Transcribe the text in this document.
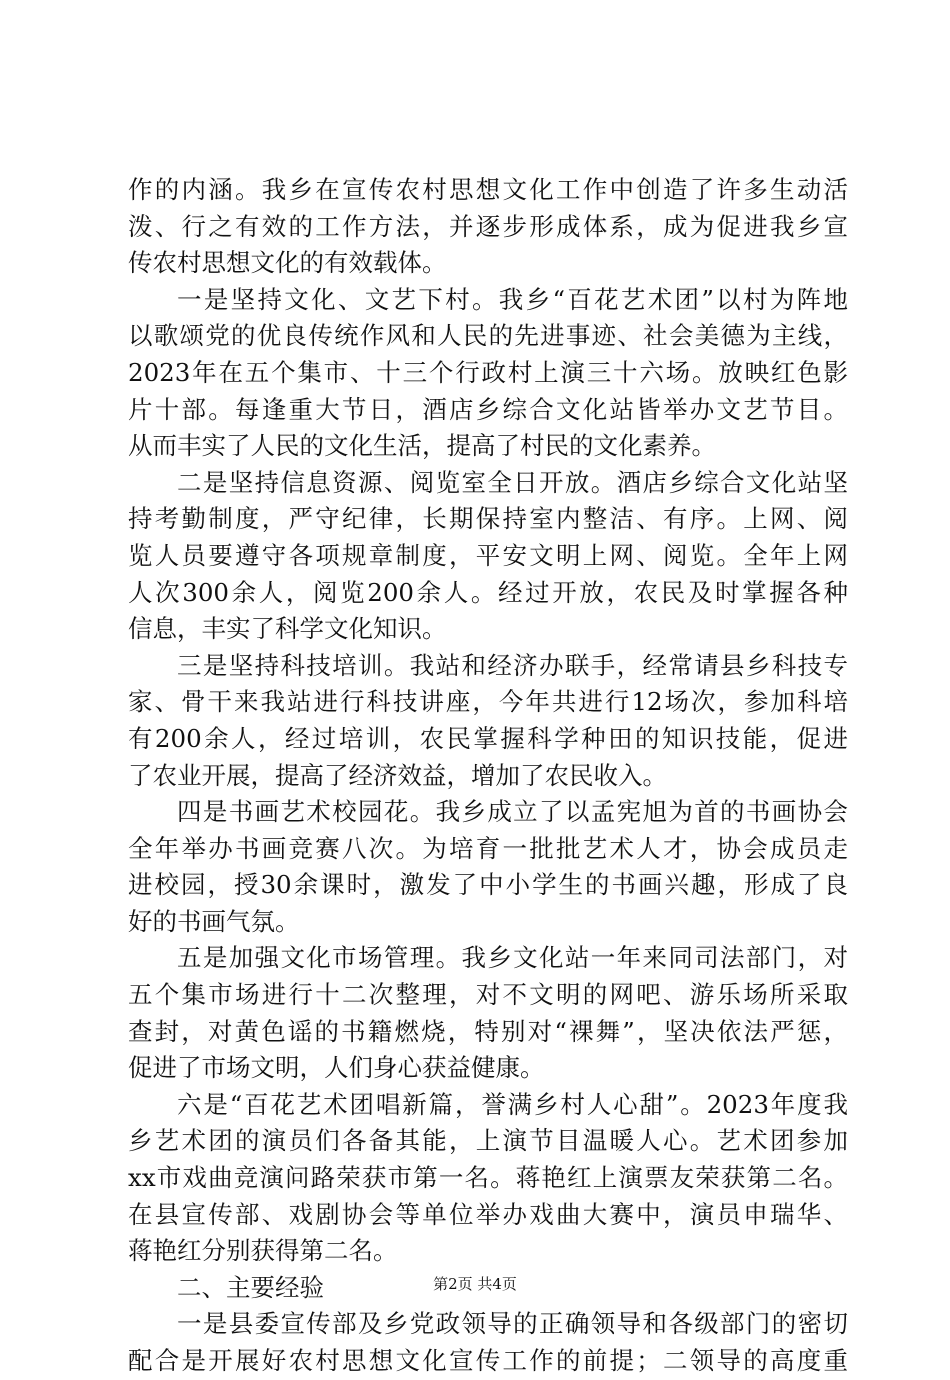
作的内涵。我乡在宣传农村思想文化工作中创造了许多生动活
泼、行之有效的工作方法，并逐步形成体系，成为促进我乡宣
传农村思想文化的有效载体。
一是坚持文化、文艺下村。我乡“百花艺术团”以村为阵地
以歌颂党的优良传统作风和人民的先进事迹、社会美德为主线，
2023年在五个集市、十三个行政村上演三十六场。放映红色影
片十部。每逢重大节日，酒店乡综合文化站皆举办文艺节目。
从而丰实了人民的文化生活，提高了村民的文化素养。
二是坚持信息资源、阅览室全日开放。酒店乡综合文化站坚
持考勤制度，严守纪律，长期保持室内整洁、有序。上网、阅
览人员要遵守各项规章制度，平安文明上网、阅览。全年上网
人次300余人，阅览200余人。经过开放，农民及时掌握各种
信息，丰实了科学文化知识。
三是坚持科技培训。我站和经济办联手，经常请县乡科技专
家、骨干来我站进行科技讲座，今年共进行12场次，参加科培
有200余人，经过培训，农民掌握科学种田的知识技能，促进
了农业开展，提高了经济效益，增加了农民收入。
四是书画艺术校园花。我乡成立了以孟宪旭为首的书画协会
全年举办书画竞赛八次。为培育一批批艺术人才，协会成员走
进校园，授30余课时，激发了中小学生的书画兴趣，形成了良
好的书画气氛。
五是加强文化市场管理。我乡文化站一年来同司法部门，对
五个集市场进行十二次整理，对不文明的网吧、游乐场所采取
查封，对黄色谣的书籍燃烧，特别对“裸舞”，坚决依法严惩，
促进了市场文明，人们身心获益健康。
六是“百花艺术团唱新篇，誉满乡村人心甜”。2023年度我
乡艺术团的演员们各备其能，上演节目温暖人心。艺术团参加
xx市戏曲竞演问路荣获市第一名。蒋艳红上演票友荣获第二名。
在县宣传部、戏剧协会等单位举办戏曲大赛中，演员申瑞华、
蒋艳红分别获得第二名。
二、主要经验
一是县委宣传部及乡党政领导的正确领导和各级部门的密切
配合是开展好农村思想文化宣传工作的前提；二领导的高度重
第2页 共4页
